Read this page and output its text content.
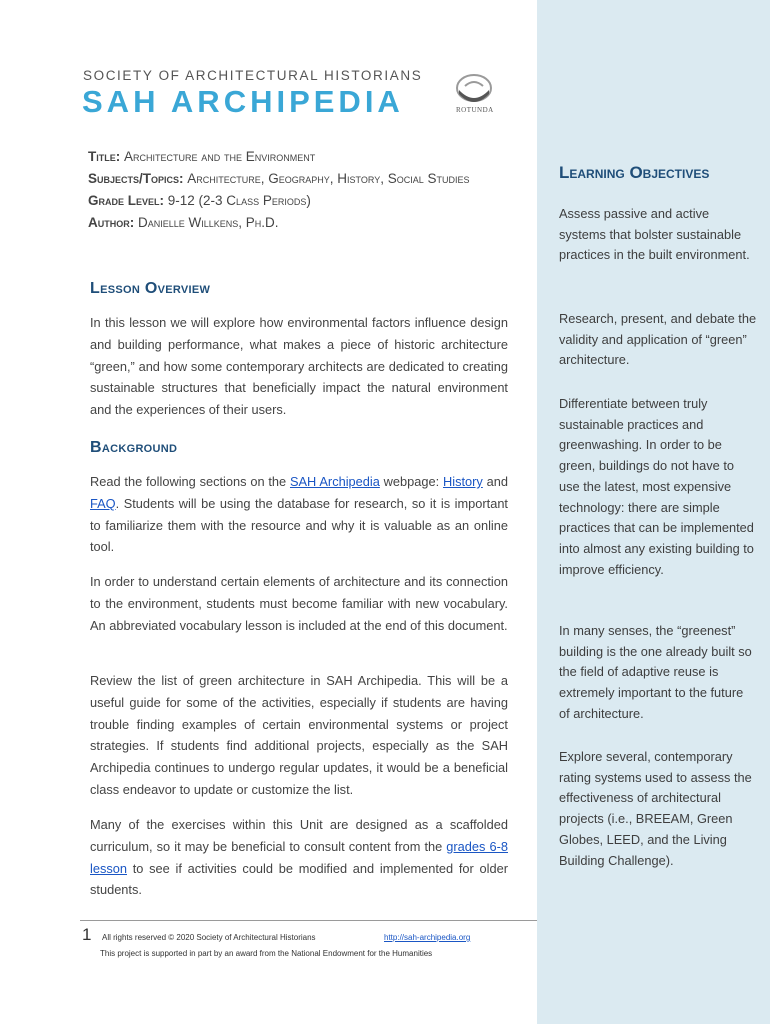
SOCIETY OF ARCHITECTURAL HISTORIANS
SAH ARCHIPEDIA	ROTUNDA
Title: Architecture and the Environment
Subjects/Topics: Architecture, Geography, History, Social Studies
Grade Level: 9-12 (2-3 Class Periods)
Author: Danielle Willkens, Ph.D.
Lesson Overview

In this lesson we will explore how environmental factors influence design and building performance, what makes a piece of historic architecture “green,” and how some contemporary architects are dedicated to creating sustainable structures that beneficially impact the natural environment and the experiences of their users.

Background

Read the following sections on the SAH Archipedia webpage: History and FAQ. Students will be using the database for research, so it is important to familiarize them with the resource and why it is valuable as an online tool.

In order to understand certain elements of architecture and its connection to the environment, students must become familiar with new vocabulary. An abbreviated vocabulary lesson is included at the end of this document.

Review the list of green architecture in SAH Archipedia. This will be a useful guide for some of the activities, especially if students are having trouble finding examples of certain environmental systems or project strategies. If students find additional projects, especially as the SAH Archipedia continues to undergo regular updates, it would be a beneficial class endeavor to update or customize the list.

Many of the exercises within this Unit are designed as a scaffolded curriculum, so it may be beneficial to consult content from the grades 6-8 lesson to see if activities could be modified and implemented for older students.

Learning Objectives

Assess passive and active systems that bolster sustainable practices in the built environment.

Research, present, and debate the validity and application of “green” architecture.

Differentiate between truly sustainable practices and greenwashing. In order to be green, buildings do not have to use the latest, most expensive technology: there are simple practices that can be implemented into almost any existing building to improve efficiency.

In many senses, the “greenest” building is the one already built so the field of adaptive reuse is extremely important to the future of architecture.

Explore several, contemporary rating systems used to assess the effectiveness of architectural projects (i.e., BREEAM, Green Globes, LEED, and the Living Building Challenge).

1 All rights reserved © 2020 Society of Architectural Historians	http://sah-archipedia.org
This project is supported in part by an award from the National Endowment for the Humanities
